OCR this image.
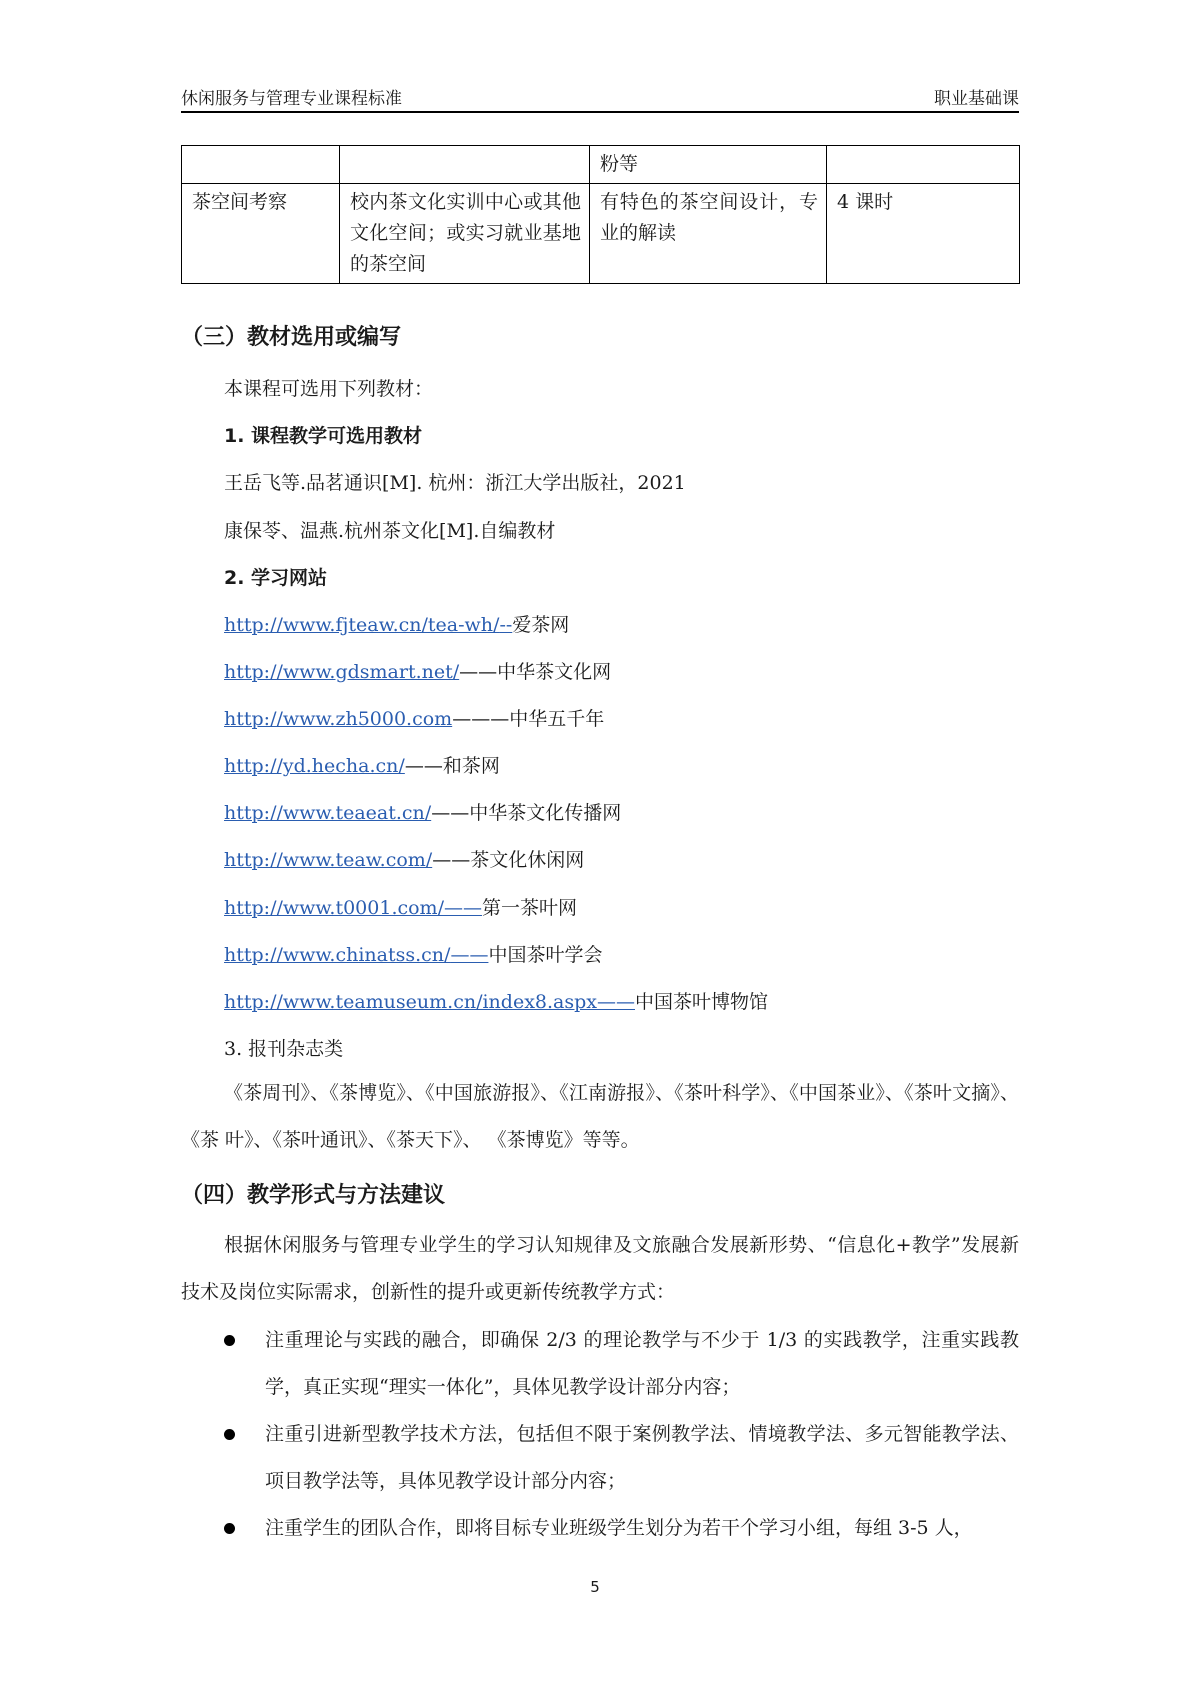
休闲服务与管理专业课程标准	职业基础课
		粉等	
茶空间考察	校内茶文化实训中心或其他文化空间；或实习就业基地的茶空间	有特色的茶空间设计，专业的解读	4 课时
（三）教材选用或编写
本课程可选用下列教材：
1. 课程教学可选用教材
王岳飞等.品茗通识[M]. 杭州：浙江大学出版社，2021
康保苓、温燕.杭州茶文化[M].自编教材
2. 学习网站
http://www.fjteaw.cn/tea-wh/--爱茶网
http://www.gdsmart.net/——中华茶文化网
http://www.zh5000.com———中华五千年
http://yd.hecha.cn/——和茶网
http://www.teaeat.cn/——中华茶文化传播网
http://www.teaw.com/——茶文化休闲网
http://www.t0001.com/——第一茶叶网
http://www.chinatss.cn/——中国茶叶学会
http://www.teamuseum.cn/index8.aspx——中国茶叶博物馆
3. 报刊杂志类
《茶周刊》、《茶博览》、《中国旅游报》、《江南游报》、《茶叶科学》、《中国茶业》、《茶叶文摘》、《茶 叶》、《茶叶通讯》、《茶天下》、 《茶博览》等等。
（四）教学形式与方法建议
根据休闲服务与管理专业学生的学习认知规律及文旅融合发展新形势、“信息化+教学”发展新技术及岗位实际需求，创新性的提升或更新传统教学方式：
注重理论与实践的融合，即确保 2/3 的理论教学与不少于 1/3 的实践教学，注重实践教学，真正实现“理实一体化”，具体见教学设计部分内容；
注重引进新型教学技术方法，包括但不限于案例教学法、情境教学法、多元智能教学法、项目教学法等，具体见教学设计部分内容；
注重学生的团队合作，即将目标专业班级学生划分为若干个学习小组，每组 3-5 人，
5
